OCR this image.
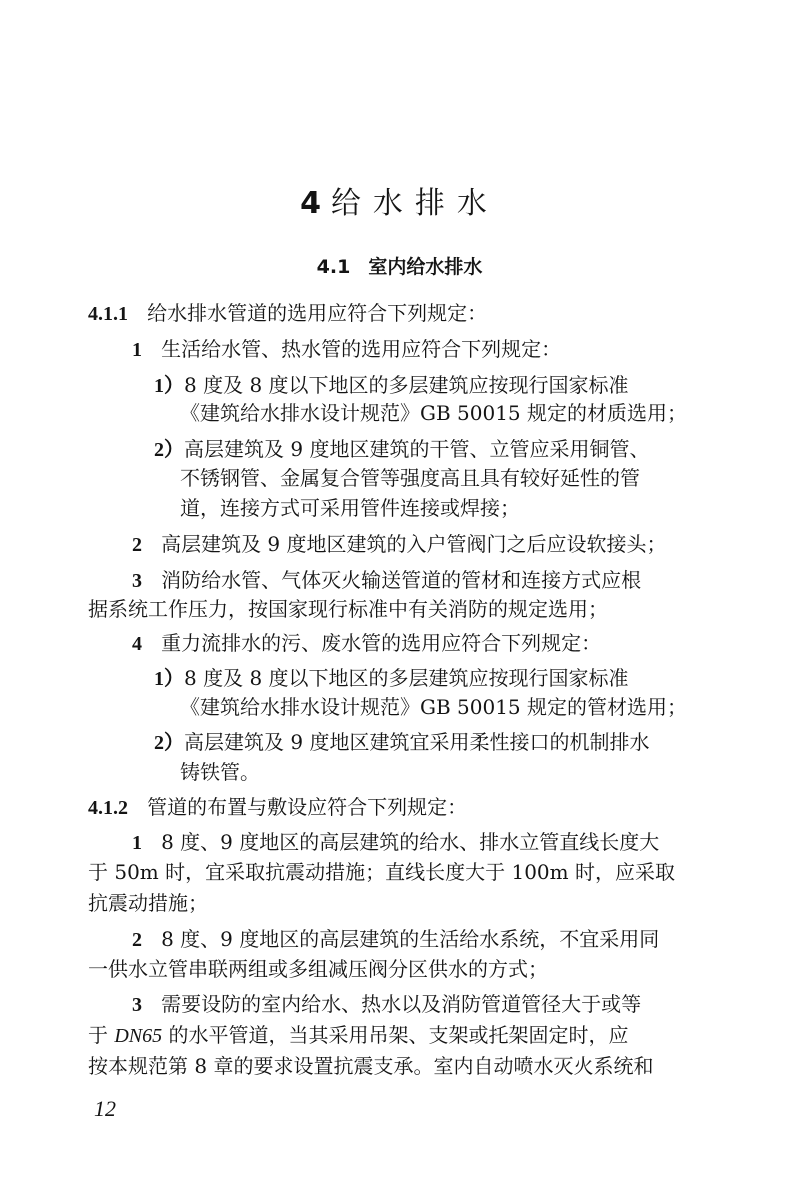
4 给水排水
4.1 室内给水排水
4.1.1 给水排水管道的选用应符合下列规定：
1 生活给水管、热水管的选用应符合下列规定：
1）8 度及 8 度以下地区的多层建筑应按现行国家标准
《建筑给水排水设计规范》GB 50015 规定的材质选用；
2）高层建筑及 9 度地区建筑的干管、立管应采用铜管、
不锈钢管、金属复合管等强度高且具有较好延性的管
道，连接方式可采用管件连接或焊接；
2 高层建筑及 9 度地区建筑的入户管阀门之后应设软接头；
3 消防给水管、气体灭火输送管道的管材和连接方式应根
据系统工作压力，按国家现行标准中有关消防的规定选用；
4 重力流排水的污、废水管的选用应符合下列规定：
1）8 度及 8 度以下地区的多层建筑应按现行国家标准
《建筑给水排水设计规范》GB 50015 规定的管材选用；
2）高层建筑及 9 度地区建筑宜采用柔性接口的机制排水
铸铁管。
4.1.2 管道的布置与敷设应符合下列规定：
1 8 度、9 度地区的高层建筑的给水、排水立管直线长度大
于 50m 时，宜采取抗震动措施；直线长度大于 100m 时，应采取
抗震动措施；
2 8 度、9 度地区的高层建筑的生活给水系统，不宜采用同
一供水立管串联两组或多组减压阀分区供水的方式；
3 需要设防的室内给水、热水以及消防管道管径大于或等
于 DN65 的水平管道，当其采用吊架、支架或托架固定时，应
按本规范第 8 章的要求设置抗震支承。室内自动喷水灭火系统和
12
